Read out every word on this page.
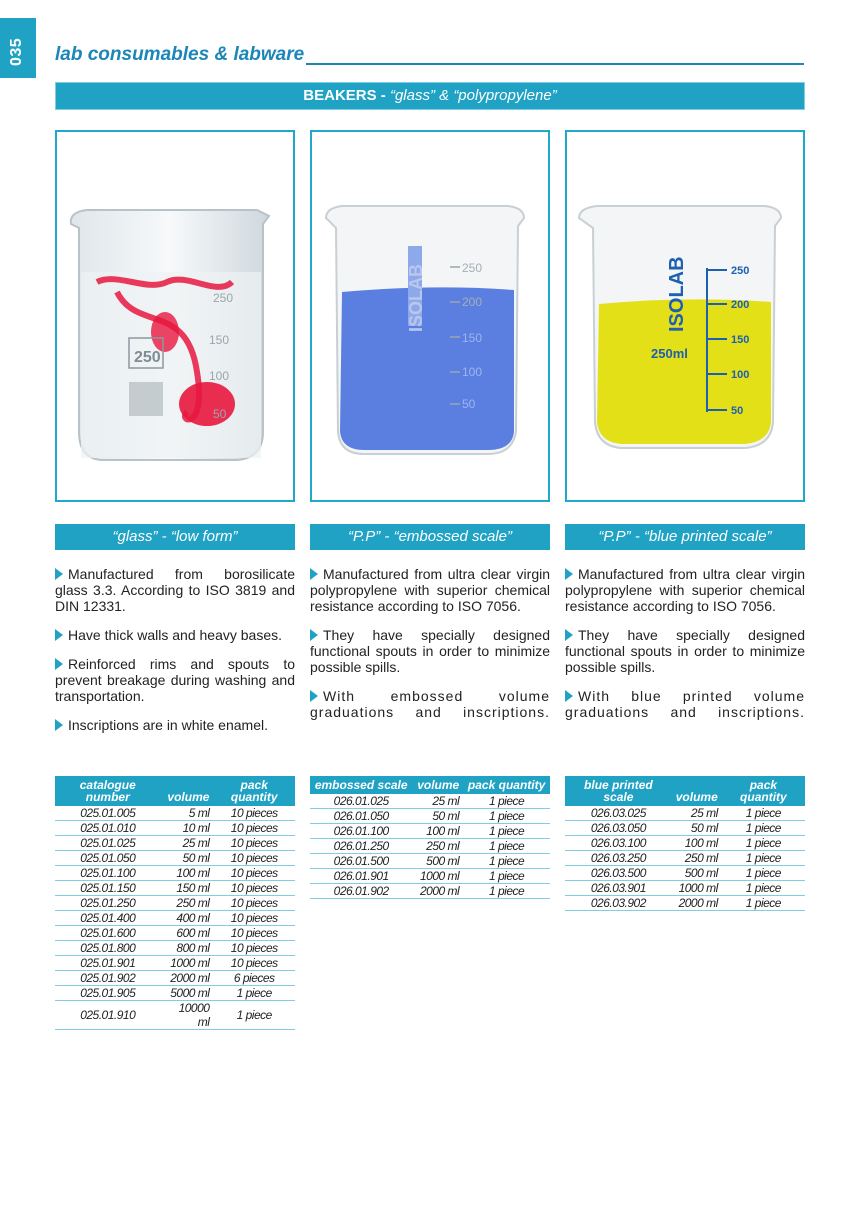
035 lab consumables & labware
BEAKERS - “glass” & “polypropylene”
250
250
150
100
50
250
200
150
100
50
ISOLAB	ISOLAB
250ml
250
200
150
100
50
“glass” - “low form”	“P.P” - “embossed scale”	“P.P” - “blue printed scale”

Manufactured from borosilicate glass 3.3. According to ISO 3819 and DIN 12331.

Have thick walls and heavy bases.

Reinforced rims and spouts to prevent breakage during washing and transportation.

Inscriptions are in white enamel.

Manufactured from ultra clear virgin polypropylene with superior chemical resistance according to ISO 7056.

They have specially designed functional spouts in order to minimize possible spills.

With embossed volume graduations and inscriptions.

Manufactured from ultra clear virgin polypropylene with superior chemical resistance according to ISO 7056.

They have specially designed functional spouts in order to minimize possible spills.

With blue printed volume graduations and inscriptions.

catalogue number	volume	pack quantity
025.01.005	5 ml	10 pieces
025.01.010	10 ml	10 pieces
025.01.025	25 ml	10 pieces
025.01.050	50 ml	10 pieces
025.01.100	100 ml	10 pieces
025.01.150	150 ml	10 pieces
025.01.250	250 ml	10 pieces
025.01.400	400 ml	10 pieces
025.01.600	600 ml	10 pieces
025.01.800	800 ml	10 pieces
025.01.901	1000 ml	10 pieces
025.01.902	2000 ml	6 pieces
025.01.905	5000 ml	1 piece
025.01.910	10000 ml	1 piece
embossed scale	volume	pack quantity
026.01.025	25 ml	1 piece
026.01.050	50 ml	1 piece
026.01.100	100 ml	1 piece
026.01.250	250 ml	1 piece
026.01.500	500 ml	1 piece
026.01.901	1000 ml	1 piece
026.01.902	2000 ml	1 piece
blue printed scale	volume	pack quantity
026.03.025	25 ml	1 piece
026.03.050	50 ml	1 piece
026.03.100	100 ml	1 piece
026.03.250	250 ml	1 piece
026.03.500	500 ml	1 piece
026.03.901	1000 ml	1 piece
026.03.902	2000 ml	1 piece
